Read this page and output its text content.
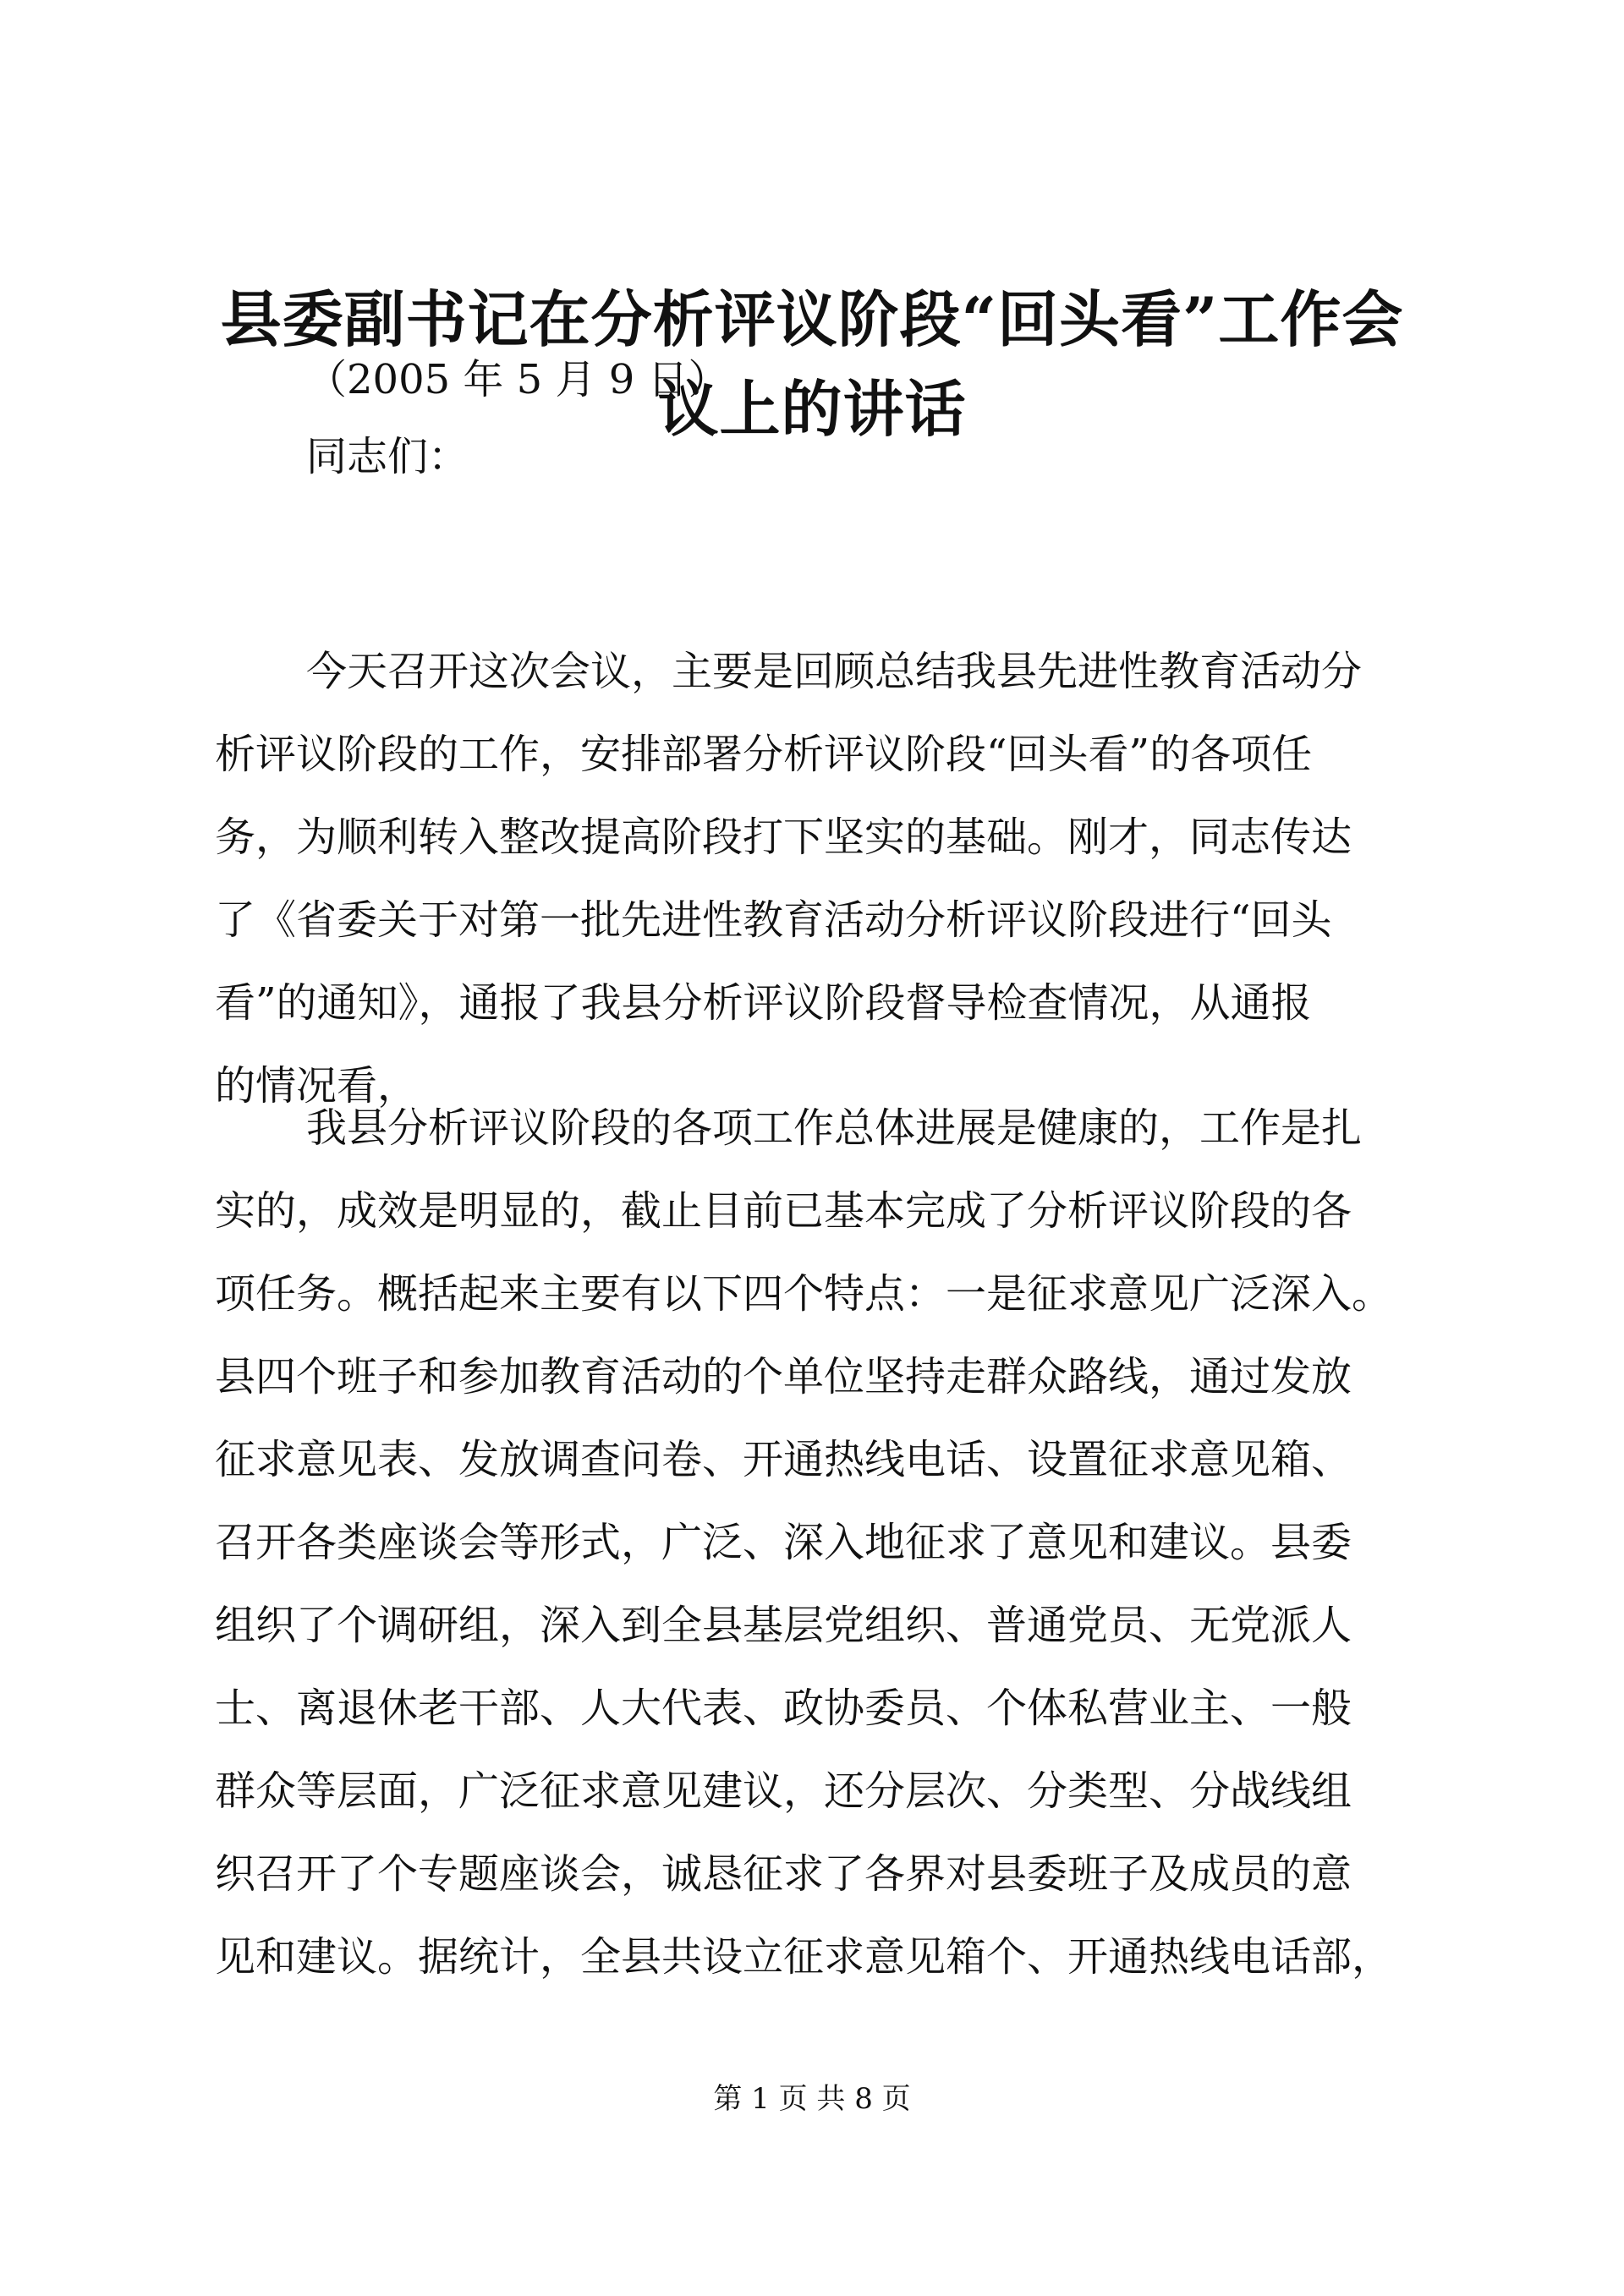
县委副书记在分析评议阶段“回头看”工作会
议上的讲话
（2005 年 5 月 9 日）
同志们：
今天召开这次会议，主要是回顾总结我县先进性教育活动分
析评议阶段的工作，安排部署分析评议阶段“回头看”的各项任
务，为顺利转入整改提高阶段打下坚实的基础。刚才，同志传达
了《省委关于对第一批先进性教育活动分析评议阶段进行“回头
看”的通知》，通报了我县分析评议阶段督导检查情况，从通报
的情况看，
我县分析评议阶段的各项工作总体进展是健康的，工作是扎
实的，成效是明显的，截止目前已基本完成了分析评议阶段的各
项任务。概括起来主要有以下四个特点：一是征求意见广泛深入。
县四个班子和参加教育活动的个单位坚持走群众路线，通过发放
征求意见表、发放调查问卷、开通热线电话、设置征求意见箱、
召开各类座谈会等形式，广泛、深入地征求了意见和建议。县委
组织了个调研组，深入到全县基层党组织、普通党员、无党派人
士、离退休老干部、人大代表、政协委员、个体私营业主、一般
群众等层面，广泛征求意见建议，还分层次、分类型、分战线组
织召开了个专题座谈会，诚恳征求了各界对县委班子及成员的意
见和建议。据统计，全县共设立征求意见箱个、开通热线电话部，
第 1 页 共 8 页
